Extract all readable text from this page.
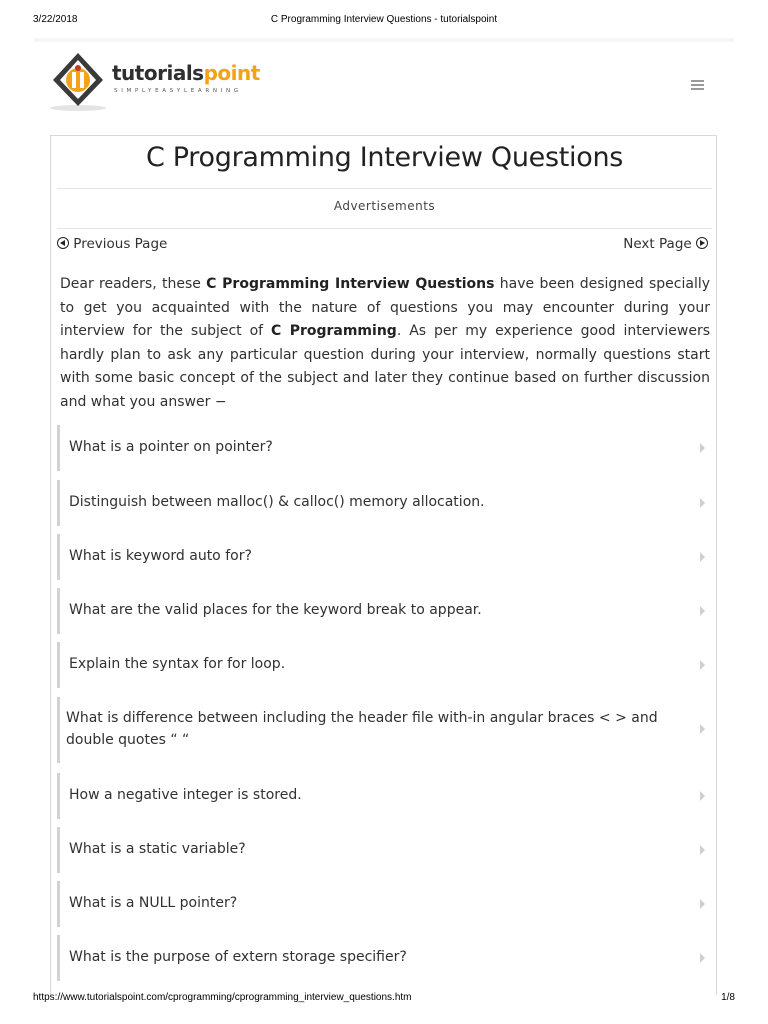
3/22/2018	C Programming Interview Questions - tutorialspoint
tutorialspoint
SIMPLYEASYLEARNING
C Programming Interview Questions
Advertisements
Previous Page	Next Page
Dear readers, these C Programming Interview Questions have been designed specially to get you acquainted with the nature of questions you may encounter during your interview for the subject of C Programming. As per my experience good interviewers hardly plan to ask any particular question during your interview, normally questions start with some basic concept of the subject and later they continue based on further discussion and what you answer −
What is a pointer on pointer?
Distinguish between malloc() & calloc() memory allocation.
What is keyword auto for?
What are the valid places for the keyword break to appear.
Explain the syntax for for loop.
What is difference between including the header file with-in angular braces < > and double quotes “ “
How a negative integer is stored.
What is a static variable?
What is a NULL pointer?
What is the purpose of extern storage specifier?
https://www.tutorialspoint.com/cprogramming/cprogramming_interview_questions.htm	1/8
